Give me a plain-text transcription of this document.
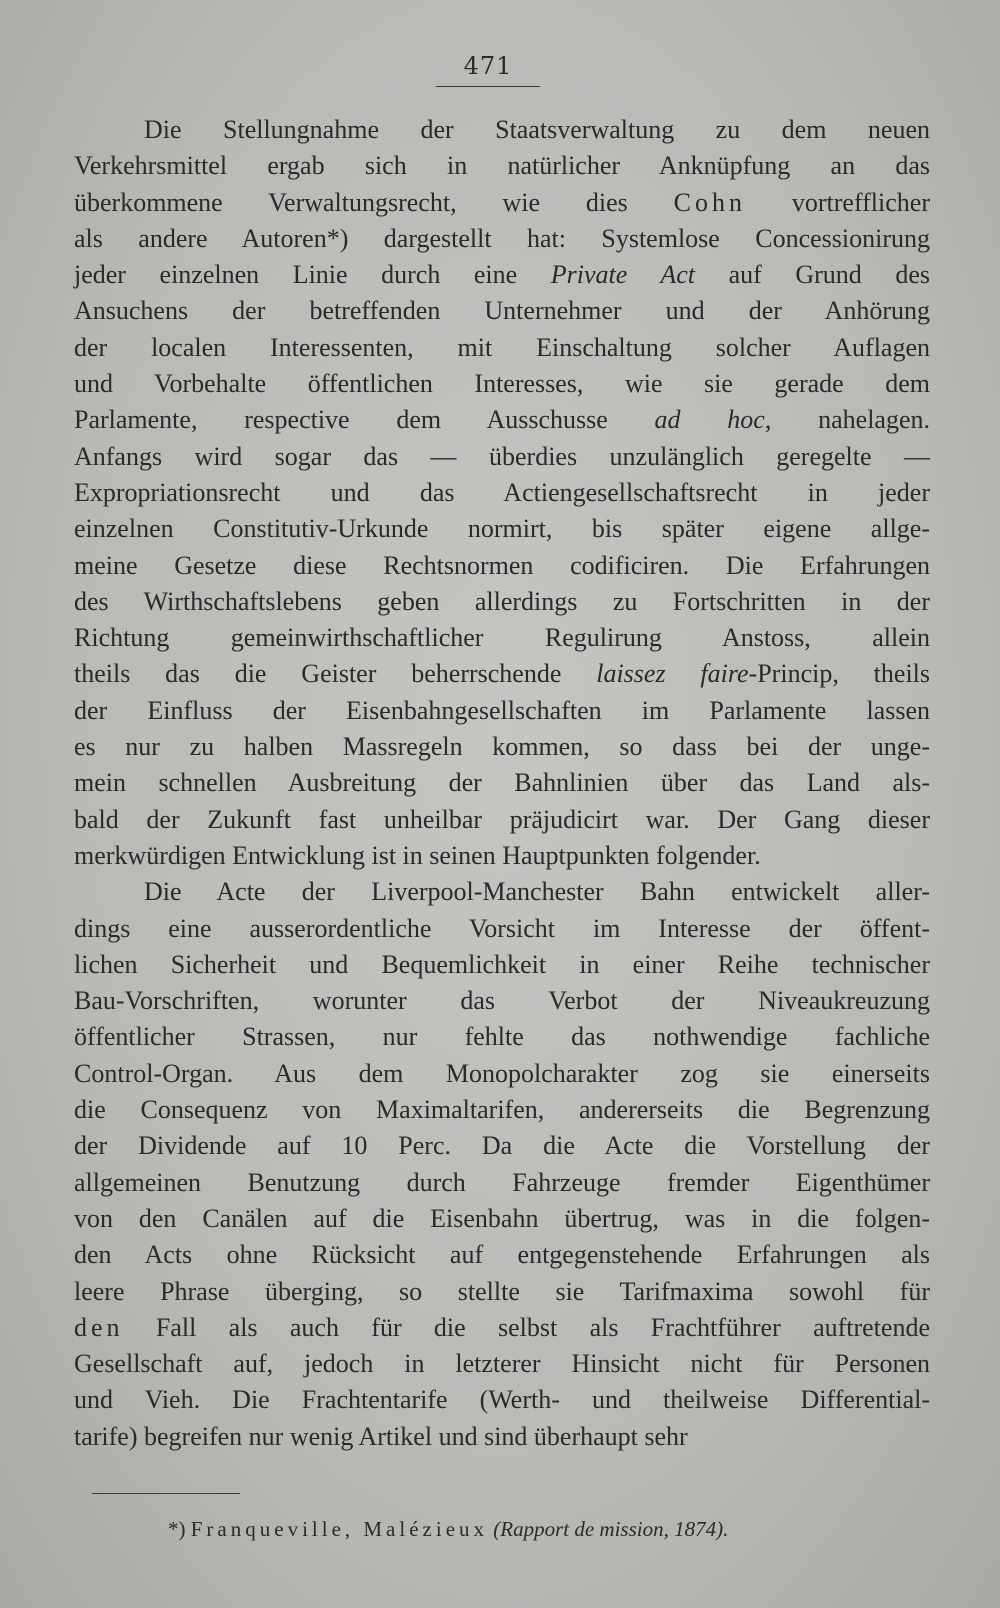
471

Die Stellungnahme der Staatsverwaltung zu dem neuen
Verkehrsmittel ergab sich in natürlicher Anknüpfung an das
überkommene Verwaltungsrecht, wie dies Cohn vortrefflicher
als andere Autoren*) dargestellt hat: Systemlose Concessionirung
jeder einzelnen Linie durch eine Private Act auf Grund des
Ansuchens der betreffenden Unternehmer und der Anhörung
der localen Interessenten, mit Einschaltung solcher Auflagen
und Vorbehalte öffentlichen Interesses, wie sie gerade dem
Parlamente, respective dem Ausschusse ad hoc, nahelagen.
Anfangs wird sogar das — überdies unzulänglich geregelte —
Expropriationsrecht und das Actiengesellschaftsrecht in jeder
einzelnen Constitutiv-Urkunde normirt, bis später eigene allge-
meine Gesetze diese Rechtsnormen codificiren. Die Erfahrungen
des Wirthschaftslebens geben allerdings zu Fortschritten in der
Richtung gemeinwirthschaftlicher Regulirung Anstoss, allein
theils das die Geister beherrschende laissez faire-Princip, theils
der Einfluss der Eisenbahngesellschaften im Parlamente lassen
es nur zu halben Massregeln kommen, so dass bei der unge-
mein schnellen Ausbreitung der Bahnlinien über das Land als-
bald der Zukunft fast unheilbar präjudicirt war. Der Gang dieser
merkwürdigen Entwicklung ist in seinen Hauptpunkten folgender.

Die Acte der Liverpool-Manchester Bahn entwickelt aller-
dings eine ausserordentliche Vorsicht im Interesse der öffent-
lichen Sicherheit und Bequemlichkeit in einer Reihe technischer
Bau-Vorschriften, worunter das Verbot der Niveaukreuzung
öffentlicher Strassen, nur fehlte das nothwendige fachliche
Control-Organ. Aus dem Monopolcharakter zog sie einerseits
die Consequenz von Maximaltarifen, andererseits die Begrenzung
der Dividende auf 10 Perc. Da die Acte die Vorstellung der
allgemeinen Benutzung durch Fahrzeuge fremder Eigenthümer
von den Canälen auf die Eisenbahn übertrug, was in die folgen-
den Acts ohne Rücksicht auf entgegenstehende Erfahrungen als
leere Phrase überging, so stellte sie Tarifmaxima sowohl für
den Fall als auch für die selbst als Frachtführer auftretende
Gesellschaft auf, jedoch in letzterer Hinsicht nicht für Personen
und Vieh. Die Frachtentarife (Werth- und theilweise Differential-
tarife) begreifen nur wenig Artikel und sind überhaupt sehr

*) Franqueville, Malézieux (Rapport de mission, 1874).
